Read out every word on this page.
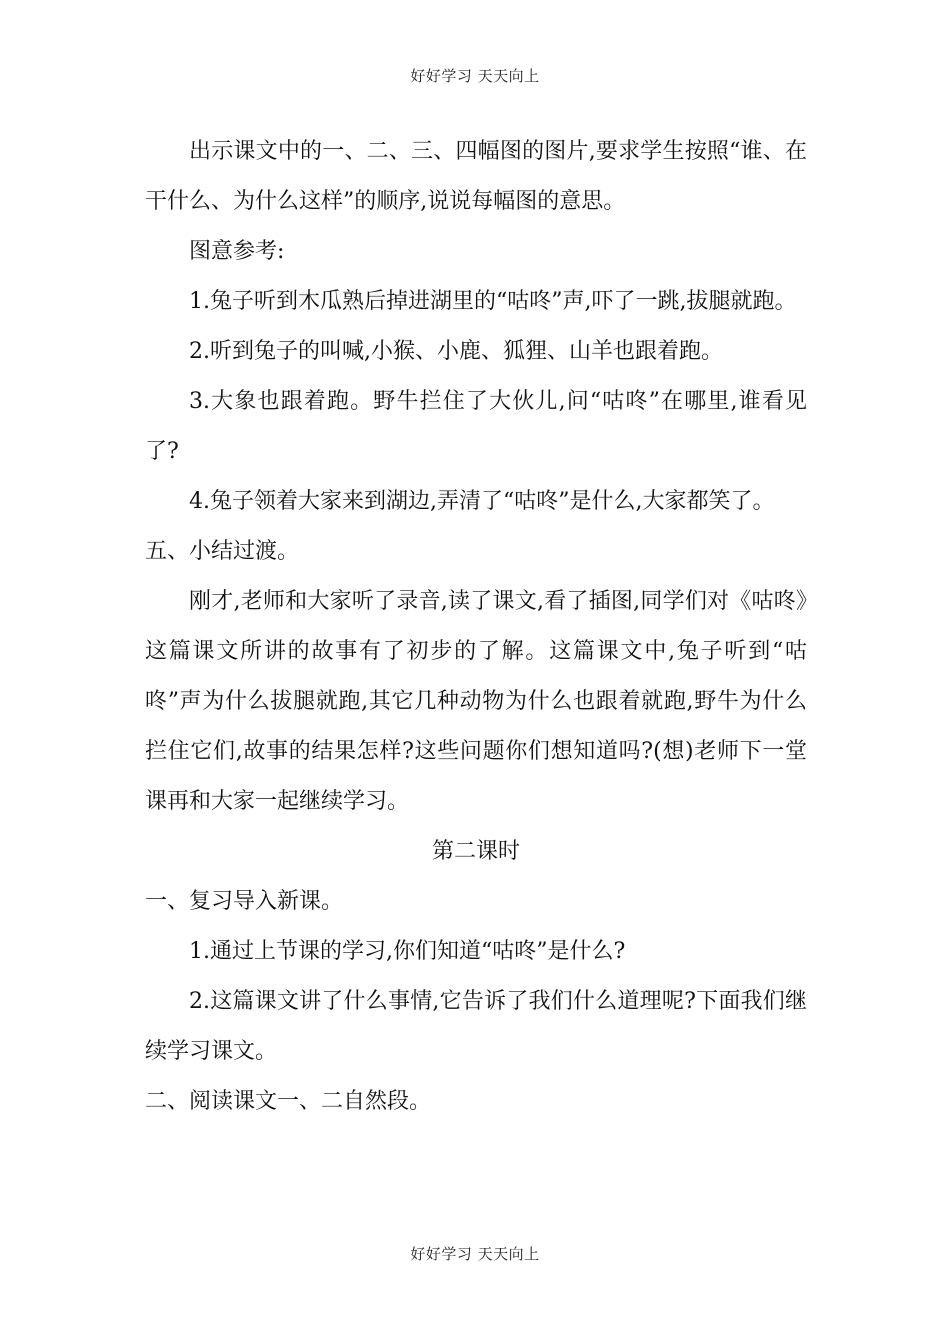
好好学习 天天向上

出示课文中的一、二、三、四幅图的图片,要求学生按照“谁、在干什么、为什么这样”的顺序,说说每幅图的意思。

图意参考:

1.兔子听到木瓜熟后掉进湖里的“咕咚”声,吓了一跳,拔腿就跑。

2.听到兔子的叫喊,小猴、小鹿、狐狸、山羊也跟着跑。

3.大象也跟着跑。野牛拦住了大伙儿,问“咕咚”在哪里,谁看见了?

4.兔子领着大家来到湖边,弄清了“咕咚”是什么,大家都笑了。

五、小结过渡。

刚才,老师和大家听了录音,读了课文,看了插图,同学们对《咕咚》这篇课文所讲的故事有了初步的了解。这篇课文中,兔子听到“咕咚”声为什么拔腿就跑,其它几种动物为什么也跟着就跑,野牛为什么拦住它们,故事的结果怎样?这些问题你们想知道吗?(想)老师下一堂课再和大家一起继续学习。

第二课时

一、复习导入新课。

1.通过上节课的学习,你们知道“咕咚”是什么?

2.这篇课文讲了什么事情,它告诉了我们什么道理呢?下面我们继续学习课文。

二、阅读课文一、二自然段。

好好学习 天天向上
